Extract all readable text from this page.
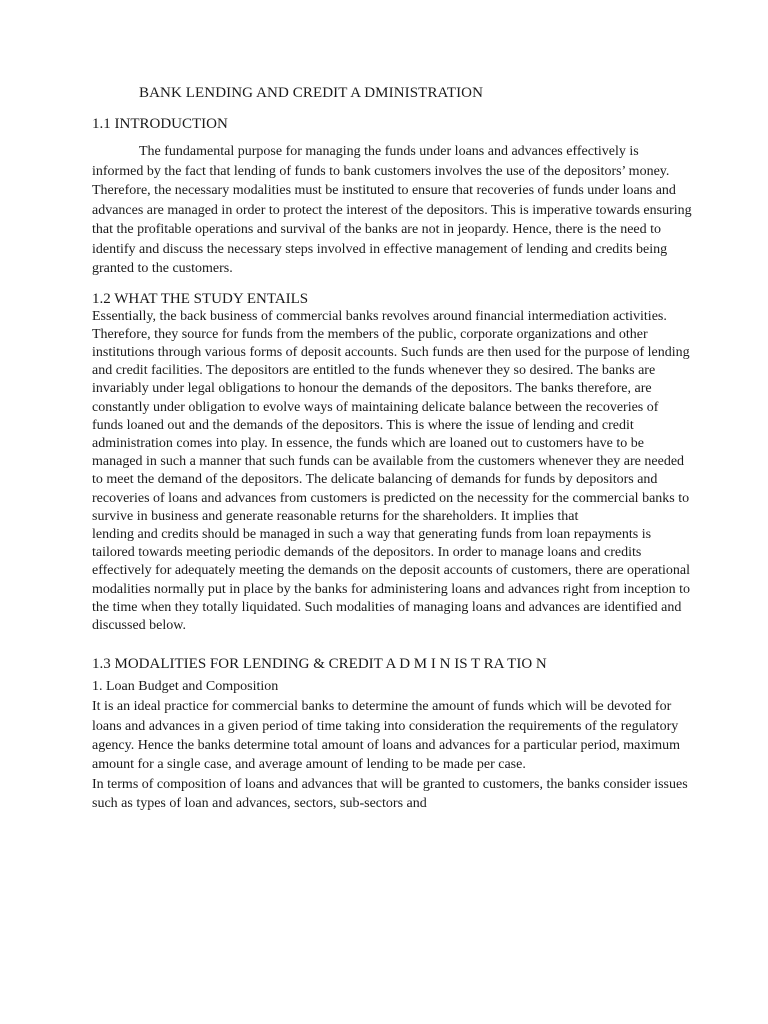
BANK LENDING AND CREDIT A DMINISTRATION
1.1 INTRODUCTION

The fundamental purpose for managing the funds under loans and advances effectively is informed by the fact that lending of funds to bank customers involves the use of the depositors’ money. Therefore, the necessary modalities must be instituted to ensure that recoveries of funds under loans and advances are managed in order to protect the interest of the depositors. This is imperative towards ensuring that the profitable operations and survival of the banks are not in jeopardy. Hence, there is the need to identify and discuss the necessary steps involved in effective management of lending and credits being granted to the customers.

1.2 WHAT THE STUDY ENTAILS

Essentially, the back business of commercial banks revolves around financial intermediation activities. Therefore, they source for funds from the members of the public, corporate organizations and other institutions through various forms of deposit accounts. Such funds are then used for the purpose of lending and credit facilities. The depositors are entitled to the funds whenever they so desired. The banks are invariably under legal obligations to honour the demands of the depositors. The banks therefore, are constantly under obligation to evolve ways of maintaining delicate balance between the recoveries of funds loaned out and the demands of the depositors. This is where the issue of lending and credit administration comes into play. In essence, the funds which are loaned out to customers have to be managed in such a manner that such funds can be available from the customers whenever they are needed to meet the demand of the depositors. The delicate balancing of demands for funds by depositors and recoveries of loans and advances from customers is predicted on the necessity for the commercial banks to survive in business and generate reasonable returns for the shareholders. It implies that

lending and credits should be managed in such a way that generating funds from loan repayments is tailored towards meeting periodic demands of the depositors. In order to manage loans and credits effectively for adequately meeting the demands on the deposit accounts of customers, there are operational modalities normally put in place by the banks for administering loans and advances right from inception to the time when they totally liquidated. Such modalities of managing loans and advances are identified and discussed below.

1.3 MODALITIES FOR LENDING & CREDIT A D M I N IS T RA TIO N
1. Loan Budget and Composition

It is an ideal practice for commercial banks to determine the amount of funds which will be devoted for loans and advances in a given period of time taking into consideration the requirements of the regulatory agency. Hence the banks determine total amount of loans and advances for a particular period, maximum amount for a single case, and average amount of lending to be made per case.

In terms of composition of loans and advances that will be granted to customers, the banks consider issues such as types of loan and advances, sectors, sub-sectors and
